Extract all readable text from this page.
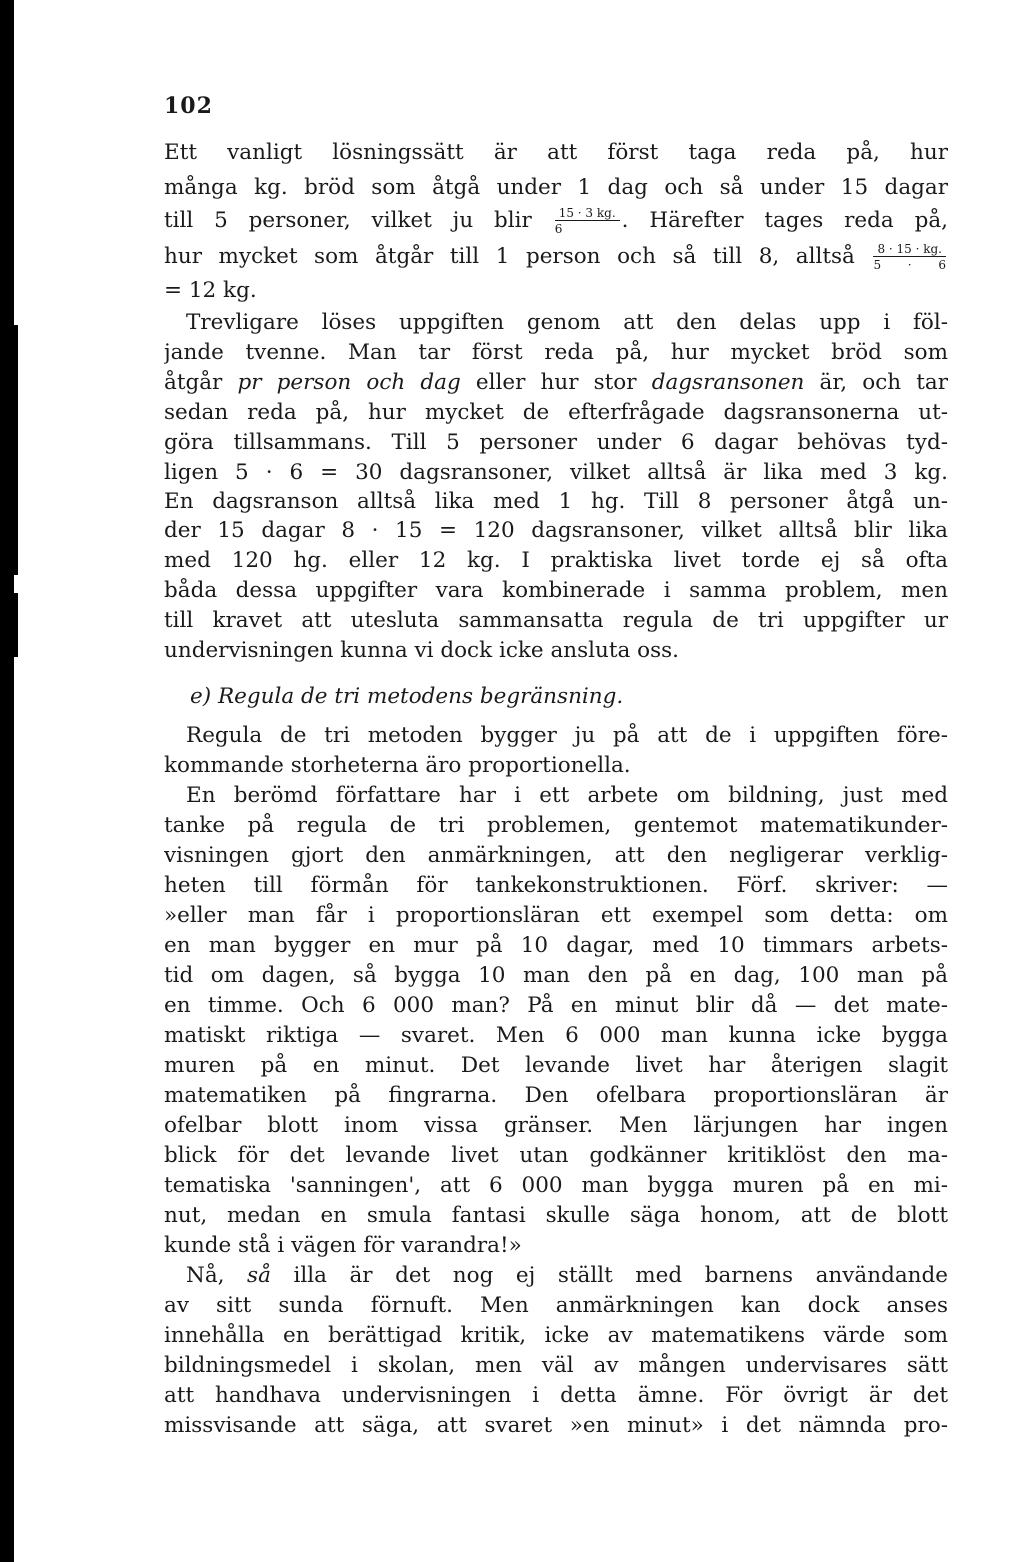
102
Ett vanligt lösningssätt är att först taga reda på, hur
många kg. bröd som åtgå under 1 dag och så under 15 dagar
till 5 personer, vilket ju blir $\frac{15 \cdot 3 kg.}{6}$ . Härefter tages reda på,
hur mycket som åtgår till 1 person och så till 8, alltså $\frac{8 \cdot 15 \cdot kg.}{5 \cdot 6}$
= 12 kg.
Trevligare löses uppgiften genom att den delas upp i föl-
jande tvenne. Man tar först reda på, hur mycket bröd som
åtgår pr person och dag eller hur stor dagsransonen är, och tar
sedan reda på, hur mycket de efterfrågade dagsransonerna ut-
göra tillsammans. Till 5 personer under 6 dagar behövas tyd-
ligen 5 · 6 = 30 dagsransoner, vilket alltså är lika med 3 kg.
En dagsranson alltså lika med 1 hg. Till 8 personer åtgå un-
der 15 dagar 8 · 15 = 120 dagsransoner, vilket alltså blir lika
med 120 hg. eller 12 kg. I praktiska livet torde ej så ofta
båda dessa uppgifter vara kombinerade i samma problem, men
till kravet att utesluta sammansatta regula de tri uppgifter ur
undervisningen kunna vi dock icke ansluta oss.
e) Regula de tri metodens begränsning.
Regula de tri metoden bygger ju på att de i uppgiften före-
kommande storheterna äro proportionella.
En berömd författare har i ett arbete om bildning, just med
tanke på regula de tri problemen, gentemot matematikunder-
visningen gjort den anmärkningen, att den negligerar verklig-
heten till förmån för tankekonstruktionen. Förf. skriver: —
»eller man får i proportionsläran ett exempel som detta: om
en man bygger en mur på 10 dagar, med 10 timmars arbets-
tid om dagen, så bygga 10 man den på en dag, 100 man på
en timme. Och 6 000 man? På en minut blir då — det mate-
matiskt riktiga — svaret. Men 6 000 man kunna icke bygga
muren på en minut. Det levande livet har återigen slagit
matematiken på fingrarna. Den ofelbara proportionsläran är
ofelbar blott inom vissa gränser. Men lärjungen har ingen
blick för det levande livet utan godkänner kritiklöst den ma-
tematiska 'sanningen', att 6 000 man bygga muren på en mi-
nut, medan en smula fantasi skulle säga honom, att de blott
kunde stå i vägen för varandra!»
Nå, så illa är det nog ej ställt med barnens användande
av sitt sunda förnuft. Men anmärkningen kan dock anses
innehålla en berättigad kritik, icke av matematikens värde som
bildningsmedel i skolan, men väl av mången undervisares sätt
att handhava undervisningen i detta ämne. För övrigt är det
missvisande att säga, att svaret »en minut» i det nämnda pro-
